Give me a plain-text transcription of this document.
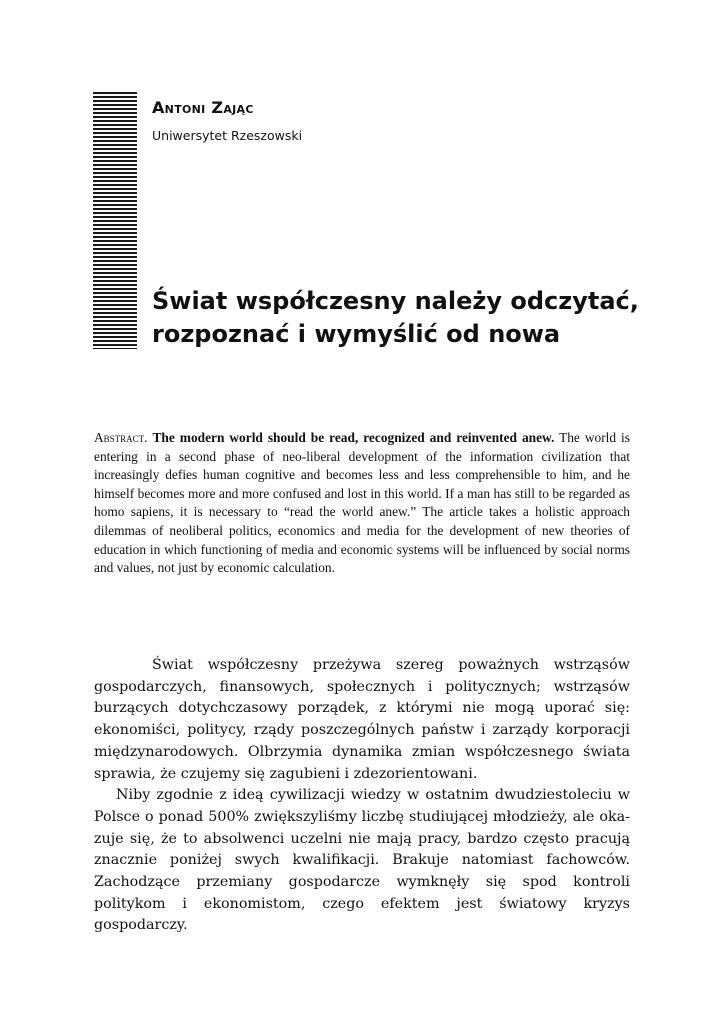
Antoni Zając
Uniwersytet Rzeszowski
Świat współczesny należy odczytać,
rozpoznać i wymyślić od nowa

Abstract. The modern world should be read, recognized and reinvented anew. The world is entering in a second phase of neo-liberal development of the information civilization that increasingly defies human cognitive and becomes less and less comprehensible to him, and he himself becomes more and more confused and lost in this world. If a man has still to be regarded as homo sapiens, it is necessary to “read the world anew.” The article takes a holistic approach dilemmas of neoliberal politics, economics and media for the development of new theories of education in which functioning of media and economic systems will be influenced by social norms and values, not just by economic calculation.

Świat współczesny przeżywa szereg poważnych wstrząsów gospodarczych, finansowych, społecznych i politycznych; wstrząsów burzących dotychczasowy porządek, z którymi nie mogą uporać się: ekonomiści, politycy, rządy poszczególnych państw i zarządy korporacji międzynarodowych. Olbrzymia dynamika zmian współczesnego świata sprawia, że czujemy się zagubieni i zdezorientowani.

Niby zgodnie z ideą cywilizacji wiedzy w ostatnim dwudziestoleciu w Polsce o ponad 500% zwiększyliśmy liczbę studiującej młodzieży, ale okazuje się, że to absolwenci uczelni nie mają pracy, bardzo często pracują znacznie poniżej swych kwalifikacji. Brakuje natomiast fachowców. Zachodzące przemiany gospodarcze wymknęły się spod kontroli politykom i ekonomistom, czego efektem jest światowy kryzys gospodarczy.
